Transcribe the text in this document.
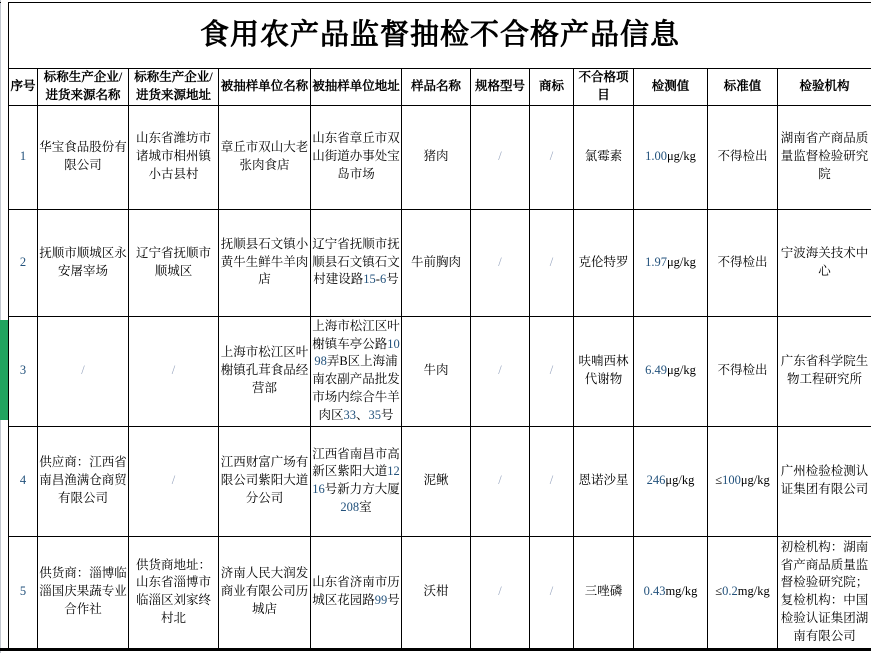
食用农产品监督抽检不合格产品信息											
序号	标称生产企业/进货来源名称	标称生产企业/进货来源地址	被抽样单位名称	被抽样单位地址	样品名称	规格型号	商标	不合格项目	检测值	标准值	检验机构
1	华宝食品股份有限公司	山东省潍坊市诸城市相州镇小古县村	章丘市双山大老张肉食店	山东省章丘市双山街道办事处宝岛市场	猪肉	/	/	氯霉素	1.00μg/kg	不得检出	湖南省产商品质量监督检验研究院
2	抚顺市顺城区永安屠宰场	辽宁省抚顺市顺城区	抚顺县石文镇小黄牛生鲜牛羊肉店	辽宁省抚顺市抚顺县石文镇石文村建设路15-6号	牛前胸肉	/	/	克伦特罗	1.97μg/kg	不得检出	宁波海关技术中心
3	/	/	上海市松江区叶榭镇孔茸食品经营部	上海市松江区叶榭镇车亭公路1098弄B区上海浦南农副产品批发市场内综合牛羊肉区33、35号	牛肉	/	/	呋喃西林代谢物	6.49μg/kg	不得检出	广东省科学院生物工程研究所
4	供应商：江西省南昌渔满仓商贸有限公司	/	江西财富广场有限公司紫阳大道分公司	江西省南昌市高新区紫阳大道1216号新力方大厦208室	泥鳅	/	/	恩诺沙星	246μg/kg	≤100μg/kg	广州检验检测认证集团有限公司
5	供货商：淄博临淄国庆果蔬专业合作社	供货商地址：山东省淄博市临淄区刘家终村北	济南人民大润发商业有限公司历城店	山东省济南市历城区花园路99号	沃柑	/	/	三唑磷	0.43mg/kg	≤0.2mg/kg	初检机构：湖南省产商品质量监督检验研究院；复检机构：中国检验认证集团湖南有限公司
